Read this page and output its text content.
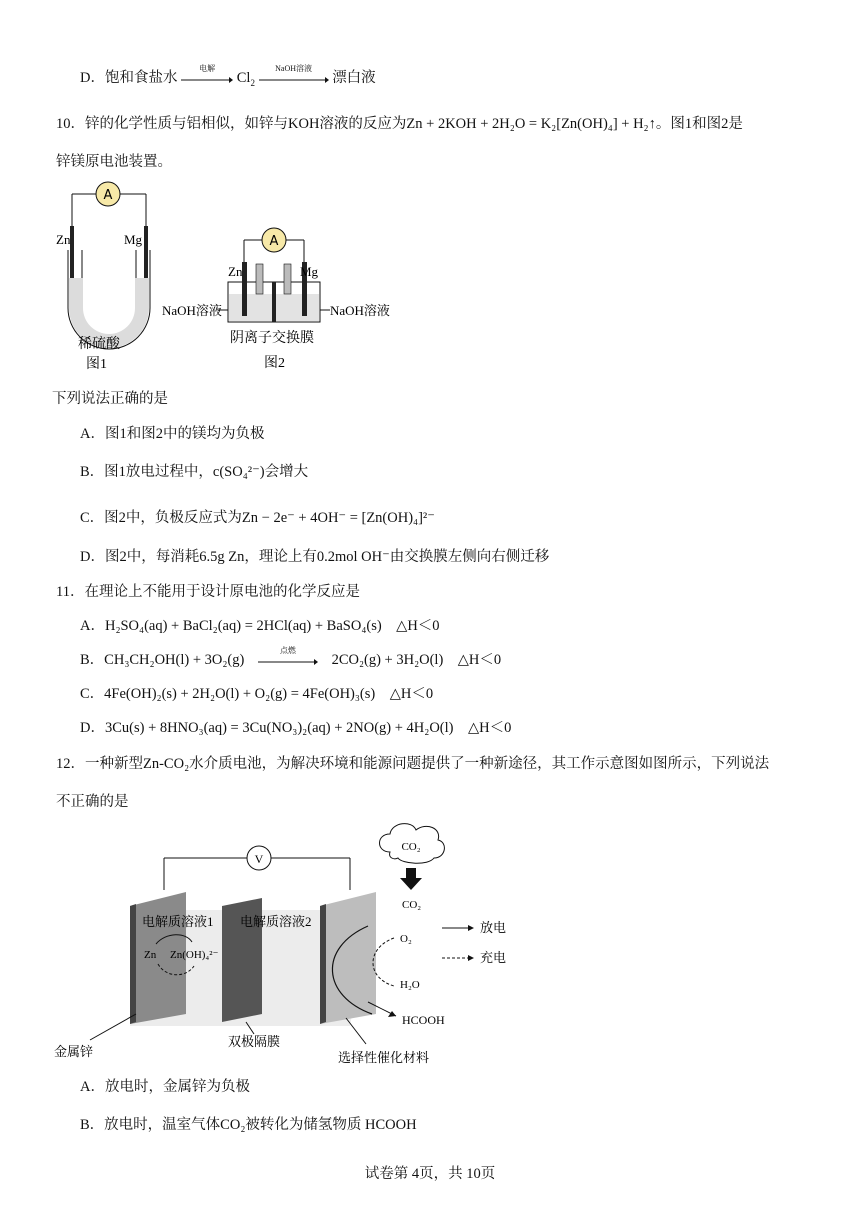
D．饱和食盐水
电解
$Cl_2$
NaOH溶液
漂白液
10．锌的化学性质与铝相似，如锌与KOH溶液的反应为Zn + 2KOH + 2H₂O = K₂[Zn(OH)₄] + H₂↑。图1和图2是
锌镁原电池装置。
A
Zn	Mg
稀硫酸
图1
A
Zn	Mg
NaOH溶液	NaOH溶液
阴离子交换膜
图2
下列说法正确的是
A．图1和图2中的镁均为负极
B．图1放电过程中，c(SO₄²⁻)会增大
C．图2中，负极反应式为Zn − 2e⁻ + 4OH⁻ = [Zn(OH)₄]²⁻
D．图2中，每消耗6.5g Zn，理论上有0.2mol OH⁻由交换膜左侧向右侧迁移
11．在理论上不能用于设计原电池的化学反应是
A．H₂SO₄(aq) + BaCl₂(aq) = 2HCl(aq) + BaSO₄(s)　△H＜0
B．CH₃CH₂OH(l) + 3O₂(g)
点燃
2CO₂(g) + 3H₂O(l)　△H＜0
C．4Fe(OH)₂(s) + 2H₂O(l) + O₂(g) = 4Fe(OH)₃(s)　△H＜0
D．3Cu(s) + 8HNO₃(aq) = 3Cu(NO₃)₂(aq) + 2NO(g) + 4H₂O(l)　△H＜0
12．一种新型Zn-CO₂水介质电池，为解决环境和能源问题提供了一种新途径，其工作示意图如图所示，下列说法
不正确的是
V
CO₂
CO₂
O₂
H₂O
HCOOH
放电
充电
电解质溶液1 电解质溶液2
Zn Zn(OH)₄²⁻
金属锌
双极隔膜
选择性催化材料
A．放电时，金属锌为负极
B．放电时，温室气体CO₂被转化为储氢物质 HCOOH
试卷第 4页，共 10页
